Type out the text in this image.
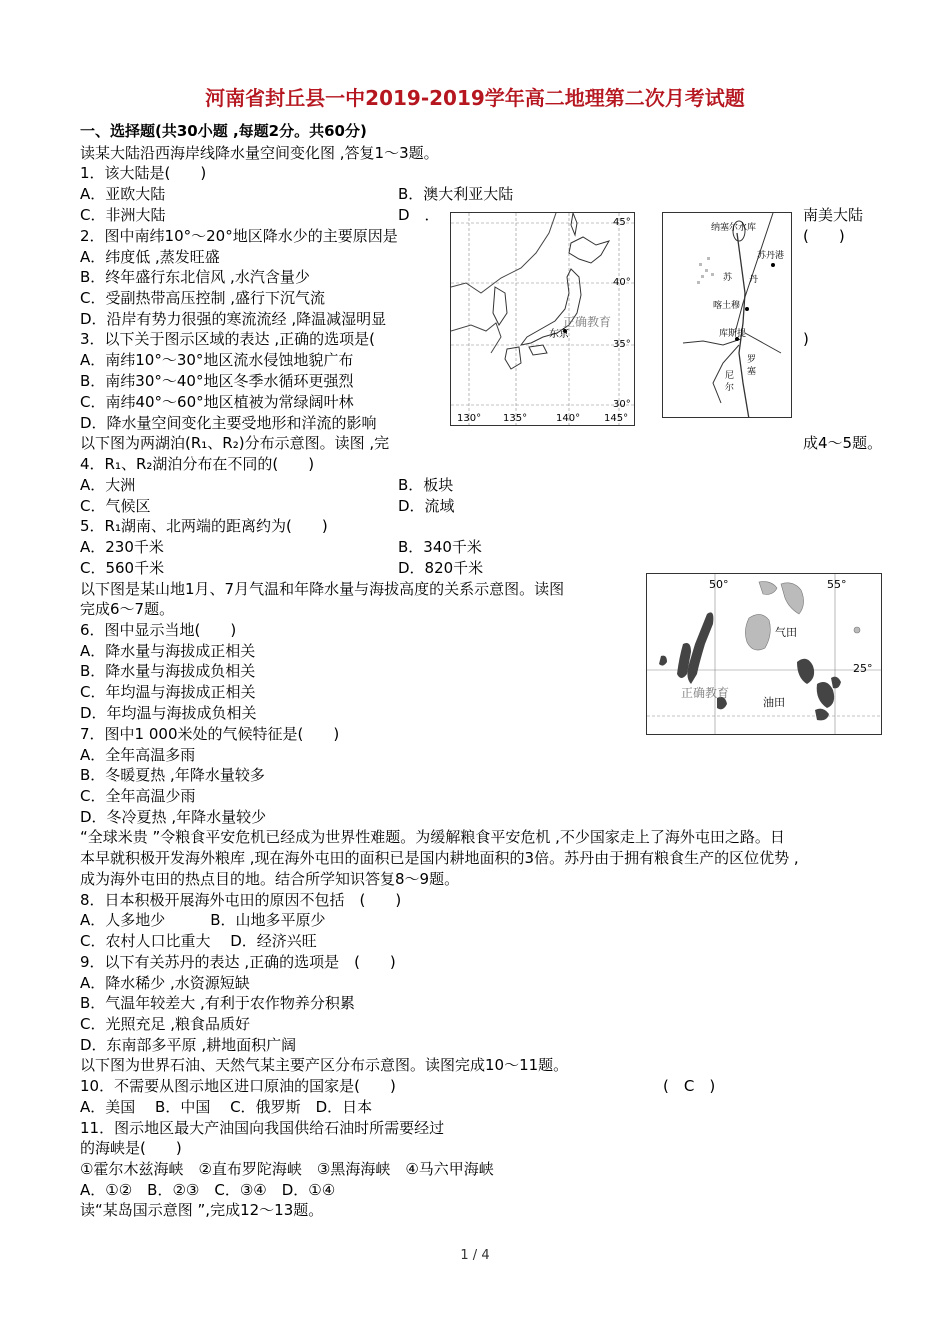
河南省封丘县一中2019-2019学年高二地理第二次月考试题
一、选择题(共30小题 ,每题2分。共60分)
读某大陆沿西海岸线降水量空间变化图 ,答复1～3题。
1．该大陆是(　　)
A．亚欧大陆	B．澳大利亚大陆
C．非洲大陆	D　．	南美大陆
2．图中南纬10°～20°地区降水少的主要原因是	(　　)
A．纬度低 ,蒸发旺盛
B．终年盛行东北信风 ,水汽含量少
C．受副热带高压控制 ,盛行下沉气流
D．沿岸有势力很强的寒流流经 ,降温减湿明显
3．以下关于图示区域的表达 ,正确的选项是(	)
A．南纬10°～30°地区流水侵蚀地貌广布
B．南纬30°～40°地区冬季水循环更强烈
C．南纬40°～60°地区植被为常绿阔叶林
D．降水量空间变化主要受地形和洋流的影响
以下图为两湖泊(R₁、R₂)分布示意图。读图 ,完	成4～5题。
4．R₁、R₂湖泊分布在不同的(　　)
A．大洲	B．板块
C．气候区	D．流域
5．R₁湖南、北两端的距离约为(　　)
A．230千米	B．340千米
C．560千米	D．820千米
以下图是某山地1月、7月气温和年降水量与海拔高度的关系示意图。读图
完成6～7题。
6．图中显示当地(　　)
A．降水量与海拔成正相关
B．降水量与海拔成负相关
C．年均温与海拔成正相关
D．年均温与海拔成负相关
7．图中1 000米处的气候特征是(　　)
A．全年高温多雨
B．冬暖夏热 ,年降水量较多
C．全年高温少雨
D．冬冷夏热 ,年降水量较少
“全球米贵 ”令粮食平安危机已经成为世界性难题。为缓解粮食平安危机 ,不少国家走上了海外屯田之路。日
本早就积极开发海外粮库 ,现在海外屯田的面积已是国内耕地面积的3倍。苏丹由于拥有粮食生产的区位优势 ,
成为海外屯田的热点目的地。结合所学知识答复8～9题。
8．日本积极开展海外屯田的原因不包括　(　　)
A．人多地少　　　B．山地多平原少
C．农村人口比重大　 D．经济兴旺
9．以下有关苏丹的表达 ,正确的选项是　(　　)
A．降水稀少 ,水资源短缺
B．气温年较差大 ,有利于农作物养分积累
C．光照充足 ,粮食品质好
D．东南部多平原 ,耕地面积广阔
以下图为世界石油、天然气某主要产区分布示意图。读图完成10～11题。
10．不需要从图示地区进口原油的国家是(　　)	(　C　)
A．美国　 B．中国　 C．俄罗斯　D．日本
11．图示地区最大产油国向我国供给石油时所需要经过
的海峡是(　　)
①霍尔木兹海峡　②直布罗陀海峡　③黑海海峡　④马六甲海峡
A．①②　B．②③　C．③④　D．①④
读“某岛国示意图 ”,完成12～13题。
东京
正确教育
45°
40°
35°
30°
130° 135°	140° 145°
纳塞尔水库
苏丹港
苏 丹
喀土穆
库斯提
罗
塞
尼
尔
50°	55°
25°
气田
油田
正确教育
1 / 4
